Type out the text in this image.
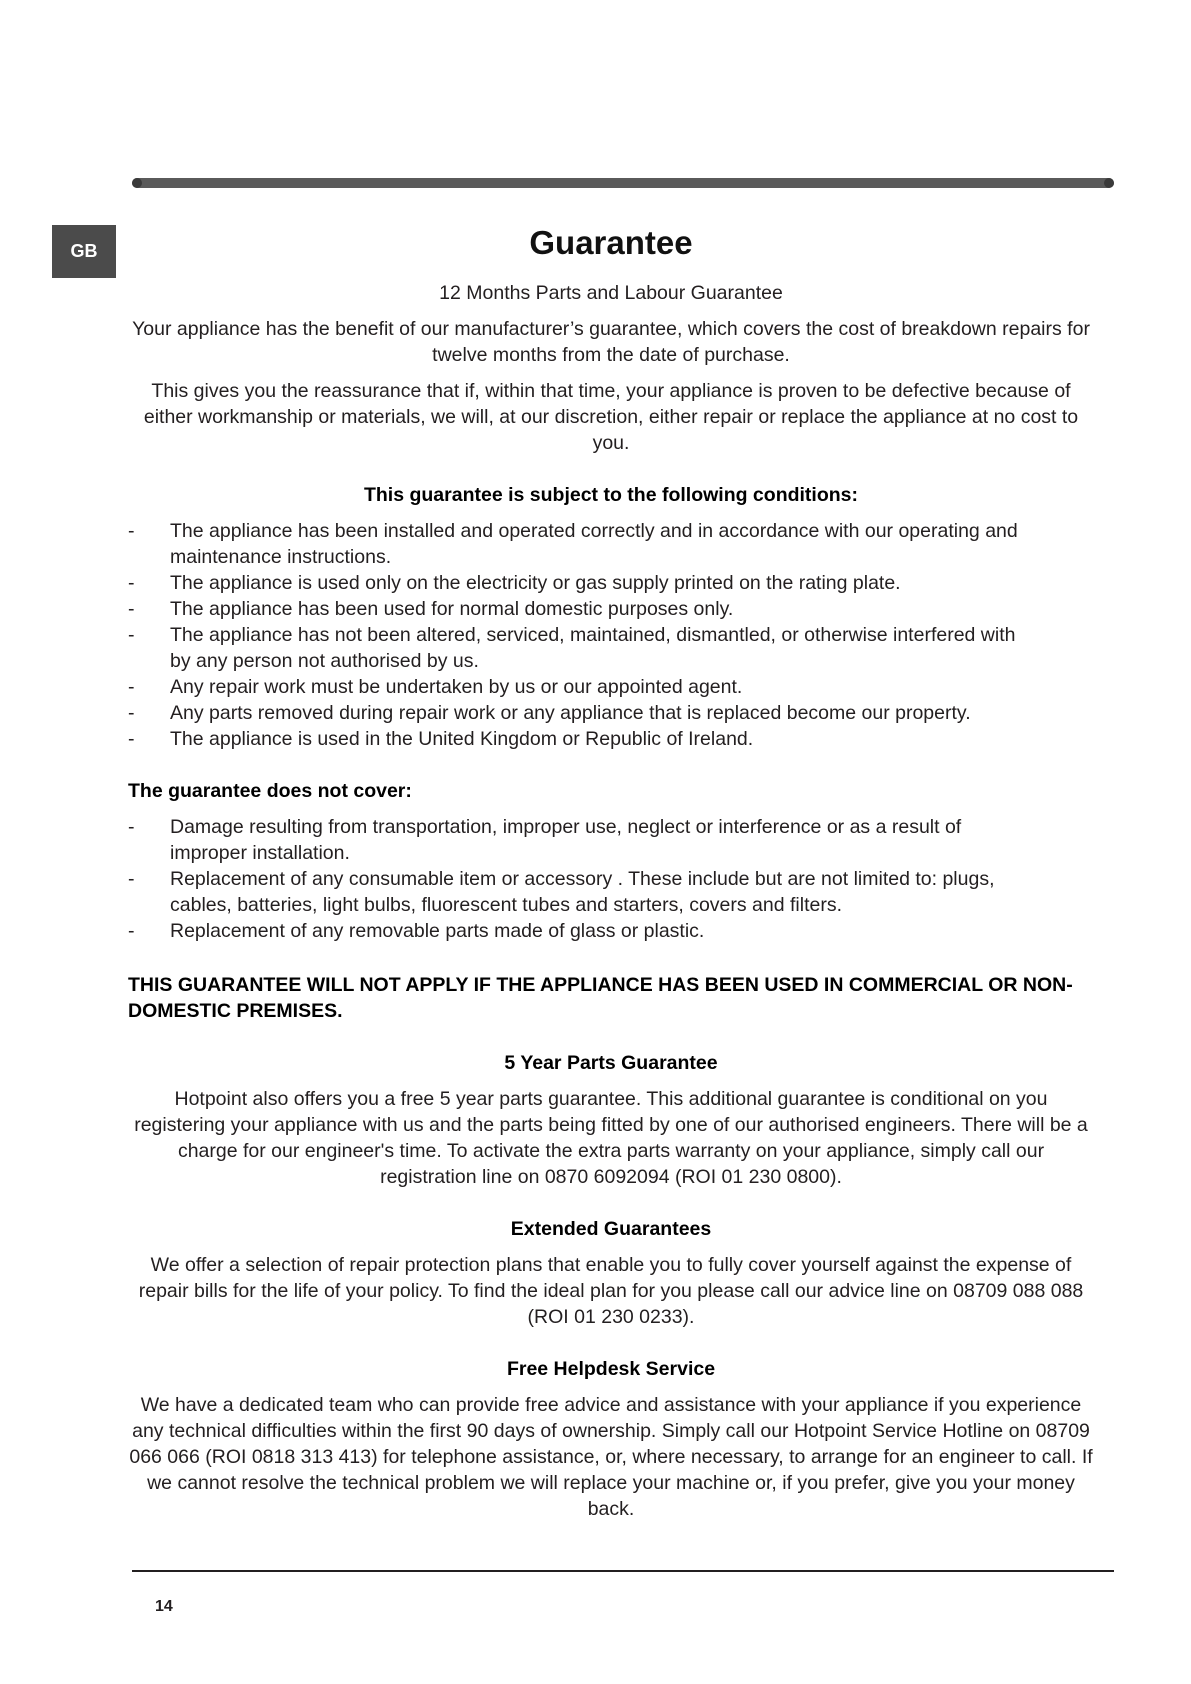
GB	Guarantee

12 Months Parts and Labour Guarantee

Your appliance has the benefit of our manufacturer’s guarantee, which covers the cost of breakdown repairs for twelve months from the date of purchase.

This gives you the reassurance that if, within that time, your appliance is proven to be defective because of either workmanship or materials, we will, at our discretion, either repair or replace the appliance at no cost to you.

This guarantee is subject to the following conditions:
- The appliance has been installed and operated correctly and in accordance with our operating and maintenance instructions.
- The appliance is used only on the electricity or gas supply printed on the rating plate.
- The appliance has been used for normal domestic purposes only.
- The appliance has not been altered, serviced, maintained, dismantled, or otherwise interfered with by any person not authorised by us.
- Any repair work must be undertaken by us or our appointed agent.
- Any parts removed during repair work or any appliance that is replaced become our property.
- The appliance is used in the United Kingdom or Republic of Ireland.
The guarantee does not cover:
- Damage resulting from transportation, improper use, neglect or interference or as a result of improper installation.
- Replacement of any consumable item or accessory . These include but are not limited to: plugs, cables, batteries, light bulbs, fluorescent tubes and starters, covers and filters.
- Replacement of any removable parts made of glass or plastic.

THIS GUARANTEE WILL NOT APPLY IF THE APPLIANCE HAS BEEN USED IN COMMERCIAL OR NON-DOMESTIC PREMISES.

5 Year Parts Guarantee

Hotpoint also offers you a free 5 year parts guarantee. This additional guarantee is conditional on you registering your appliance with us and the parts being fitted by one of our authorised engineers. There will be a charge for our engineer's time. To activate the extra parts warranty on your appliance, simply call our registration line on 0870 6092094 (ROI 01 230 0800).

Extended Guarantees

We offer a selection of repair protection plans that enable you to fully cover yourself against the expense of repair bills for the life of your policy. To find the ideal plan for you please call our advice line on 08709 088 088 (ROI 01 230 0233).

Free Helpdesk Service

We have a dedicated team who can provide free advice and assistance with your appliance if you experience any technical difficulties within the first 90 days of ownership. Simply call our Hotpoint Service Hotline on 08709 066 066 (ROI 0818 313 413) for telephone assistance, or, where necessary, to arrange for an engineer to call. If we cannot resolve the technical problem we will replace your machine or, if you prefer, give you your money back.

14
